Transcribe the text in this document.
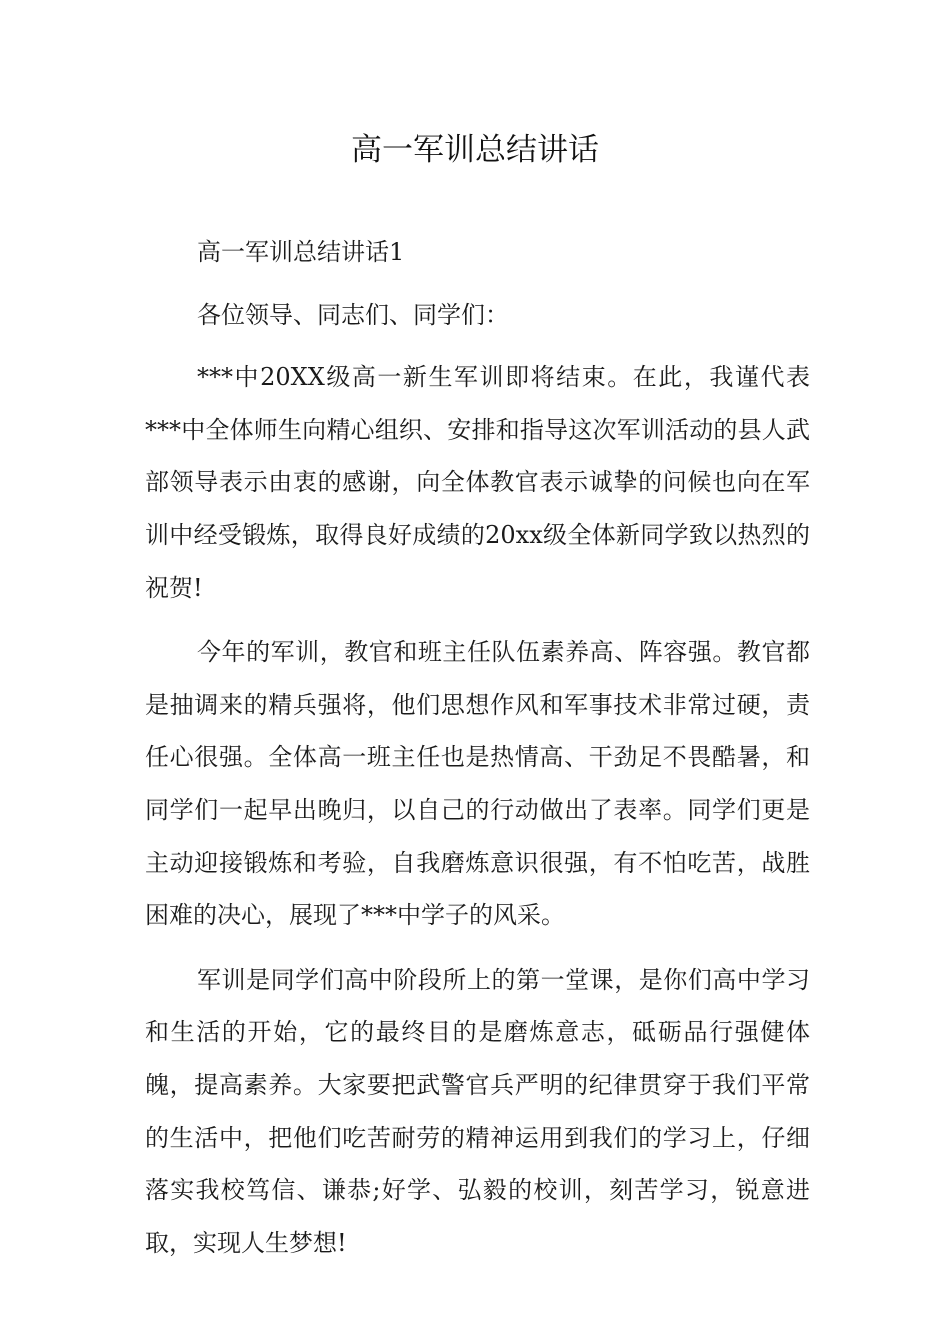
高一军训总结讲话

高一军训总结讲话1

各位领导、同志们、同学们：

***中20XX级高一新生军训即将结束。在此，我谨代表***中全体师生向精心组织、安排和指导这次军训活动的县人武部领导表示由衷的感谢，向全体教官表示诚挚的问候也向在军训中经受锻炼，取得良好成绩的20xx级全体新同学致以热烈的祝贺!

今年的军训，教官和班主任队伍素养高、阵容强。教官都是抽调来的精兵强将，他们思想作风和军事技术非常过硬，责任心很强。全体高一班主任也是热情高、干劲足不畏酷暑，和同学们一起早出晚归，以自己的行动做出了表率。同学们更是主动迎接锻炼和考验，自我磨炼意识很强，有不怕吃苦，战胜困难的决心，展现了***中学子的风采。

军训是同学们高中阶段所上的第一堂课，是你们高中学习和生活的开始，它的最终目的是磨炼意志，砥砺品行强健体魄，提高素养。大家要把武警官兵严明的纪律贯穿于我们平常的生活中，把他们吃苦耐劳的精神运用到我们的学习上，仔细落实我校笃信、谦恭;好学、弘毅的校训，刻苦学习，锐意进取，实现人生梦想!
